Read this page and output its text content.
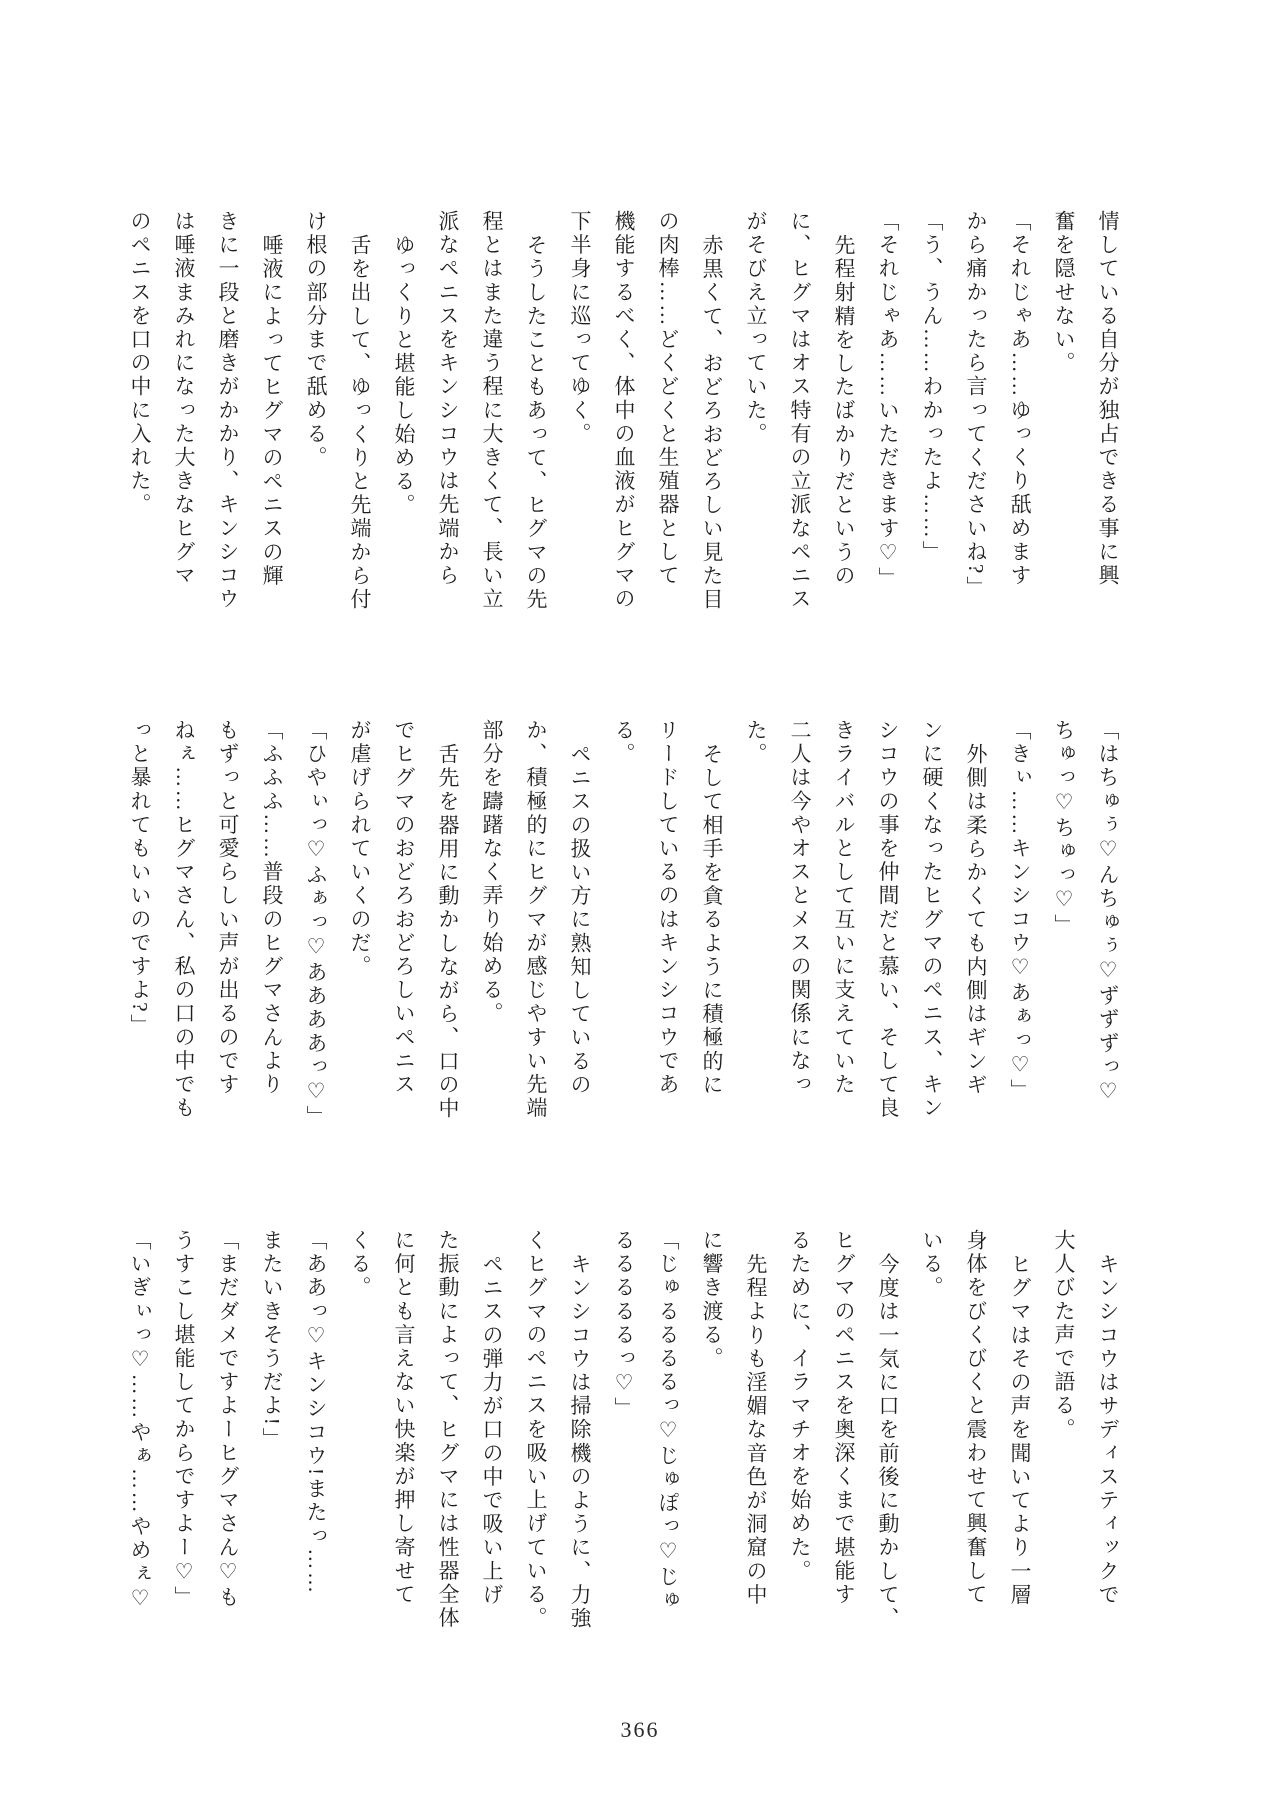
情している自分が独占できる事に興

奮を隠せない。

「それじゃあ……ゆっくり舐めます

から痛かったら言ってくださいね?」

「う、うん……わかったよ……」

「それじゃあ……いただきます♡」

先程射精をしたばかりだというの

に、ヒグマはオス特有の立派なペニス

がそびえ立っていた。

赤黒くて、おどろおどろしい見た目

の肉棒……どくどくと生殖器として

機能するべく、体中の血液がヒグマの

下半身に巡ってゆく。

そうしたこともあって、ヒグマの先

程とはまた違う程に大きくて、長い立

派なペニスをキンシコウは先端から

ゆっくりと堪能し始める。

舌を出して、ゆっくりと先端から付

け根の部分まで舐める。

唾液によってヒグマのペニスの輝

きに一段と磨きがかかり、キンシコウ

は唾液まみれになった大きなヒグマ

のペニスを口の中に入れた。

「はちゅぅ♡んちゅぅ♡ずずずっ♡

ちゅっ♡ちゅっ♡」

「きぃ……キンシコウ♡あぁっ♡」

外側は柔らかくても内側はギンギ

ンに硬くなったヒグマのペニス、キン

シコウの事を仲間だと慕い、そして良

きライバルとして互いに支えていた

二人は今やオスとメスの関係になっ

た。

そして相手を貪るように積極的に

リードしているのはキンシコウであ

る。

ペニスの扱い方に熟知しているの

か、積極的にヒグマが感じやすい先端

部分を躊躇なく弄り始める。

舌先を器用に動かしながら、口の中

でヒグマのおどろおどろしいペニス

が虐げられていくのだ。

「ひやぃっ♡ふぁっ♡ああああっ♡」

「ふふふ……普段のヒグマさんより

もずっと可愛らしい声が出るのです

ねぇ……ヒグマさん、私の口の中でも

っと暴れてもいいのですよ?」

キンシコウはサディスティックで

大人びた声で語る。

ヒグマはその声を聞いてより一層

身体をびくびくと震わせて興奮して

いる。

今度は一気に口を前後に動かして、

ヒグマのペニスを奥深くまで堪能す

るために、イラマチオを始めた。

先程よりも淫媚な音色が洞窟の中

に響き渡る。

「じゅるるるるっ♡じゅぽっ♡じゅ

るるるるるっ♡」

キンシコウは掃除機のように、力強

くヒグマのペニスを吸い上げている。

ペニスの弾力が口の中で吸い上げ

た振動によって、ヒグマには性器全体

に何とも言えない快楽が押し寄せて

くる。

「ああっ♡キンシコウ!またっ……

またいきそうだよ!」

「まだダメですよーヒグマさん♡も

うすこし堪能してからですよー♡」

「いぎぃっ♡……やぁ……やめぇ♡

366
